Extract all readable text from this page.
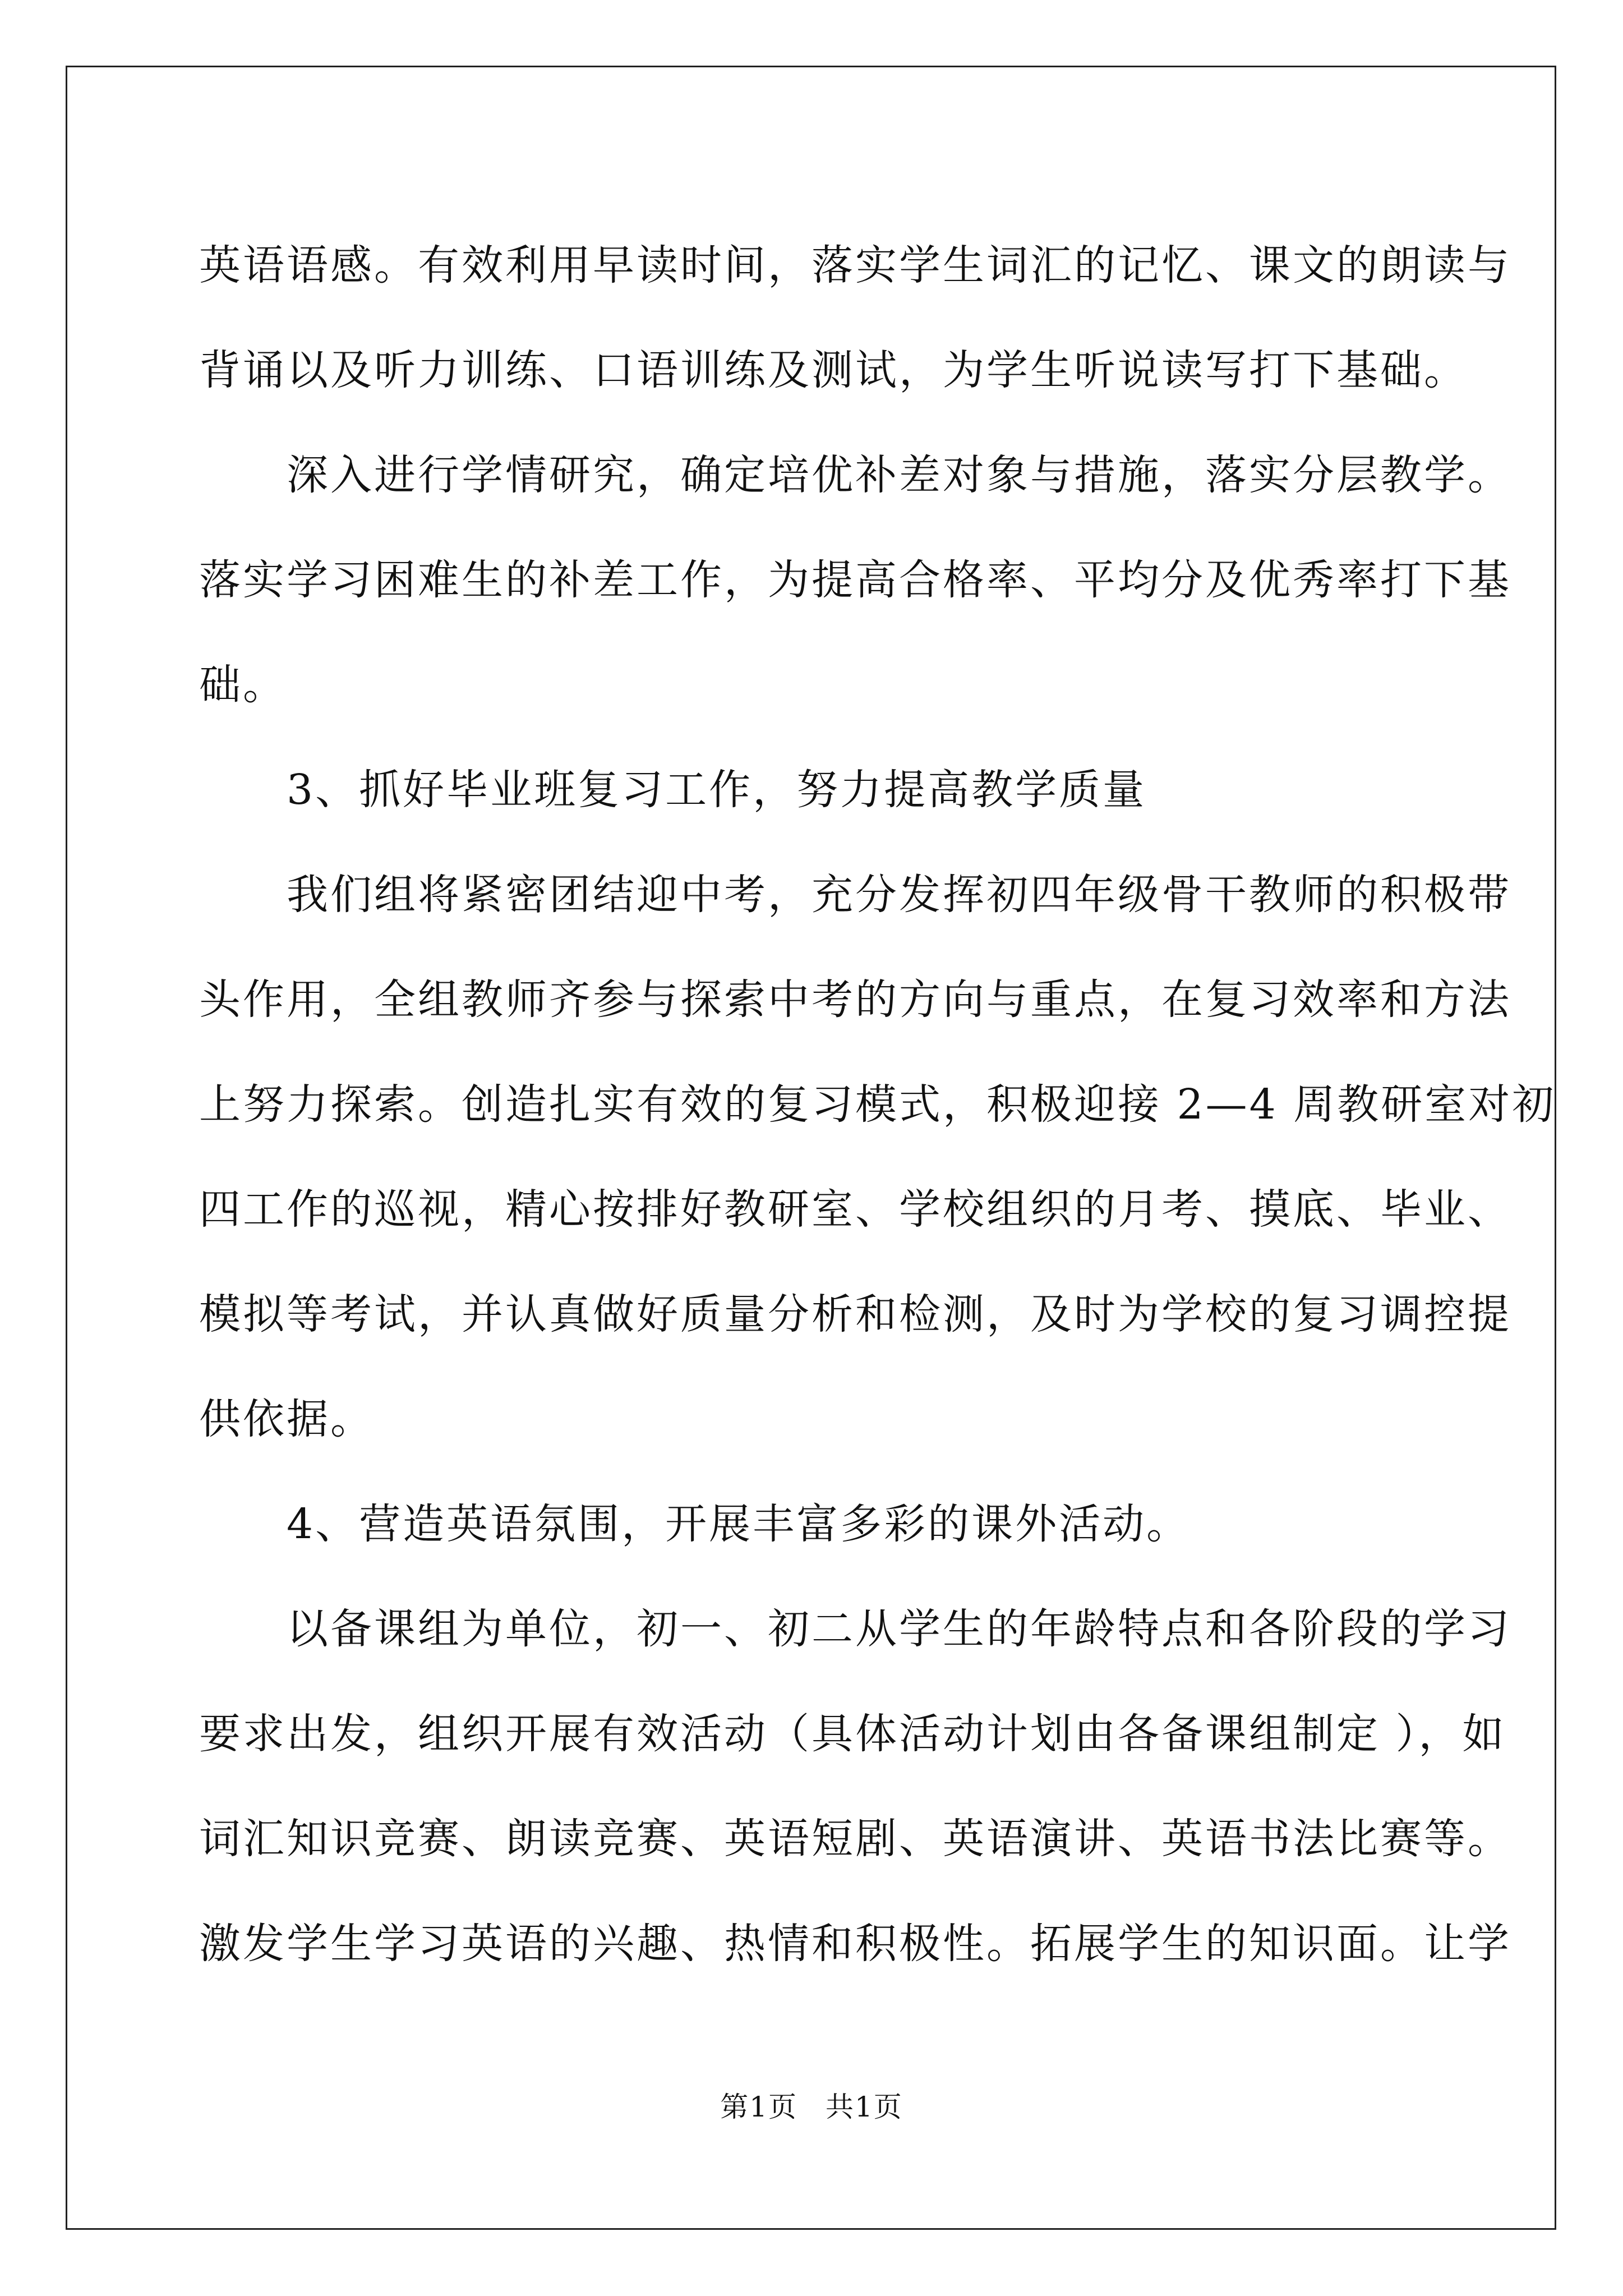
英语语感。有效利用早读时间，落实学生词汇的记忆、课文的朗读与
背诵以及听力训练、口语训练及测试，为学生听说读写打下基础。
　　深入进行学情研究，确定培优补差对象与措施，落实分层教学。
落实学习困难生的补差工作，为提高合格率、平均分及优秀率打下基
础。
　　3、抓好毕业班复习工作，努力提高教学质量
　　我们组将紧密团结迎中考，充分发挥初四年级骨干教师的积极带
头作用，全组教师齐参与探索中考的方向与重点，在复习效率和方法
上努力探索。创造扎实有效的复习模式，积极迎接 2—4 周教研室对初
四工作的巡视，精心按排好教研室、学校组织的月考、摸底、毕业、
模拟等考试，并认真做好质量分析和检测，及时为学校的复习调控提
供依据。
　　4、营造英语氛围，开展丰富多彩的课外活动。
　　以备课组为单位，初一、初二从学生的年龄特点和各阶段的学习
要求出发，组织开展有效活动（具体活动计划由各备课组制定 ），如
词汇知识竞赛、朗读竞赛、英语短剧、英语演讲、英语书法比赛等。
激发学生学习英语的兴趣、热情和积极性。拓展学生的知识面。让学
第1页 共1页
